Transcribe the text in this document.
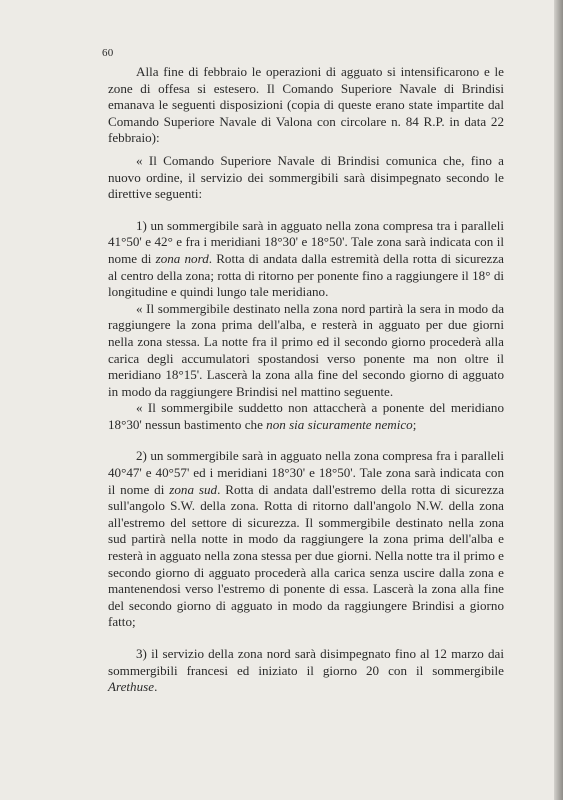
60

Alla fine di febbraio le operazioni di agguato si intensificarono e le zone di offesa si estesero. Il Comando Superiore Navale di Brindisi emanava le seguenti disposizioni (copia di queste erano state impartite dal Comando Superiore Navale di Valona con circolare n. 84 R.P. in data 22 febbraio):

« Il Comando Superiore Navale di Brindisi comunica che, fino a nuovo ordine, il servizio dei sommergibili sarà disimpegnato secondo le direttive seguenti:

1) un sommergibile sarà in agguato nella zona compresa tra i paralleli 41°50' e 42° e fra i meridiani 18°30' e 18°50'. Tale zona sarà indicata con il nome di zona nord. Rotta di andata dalla estremità della rotta di sicurezza al centro della zona; rotta di ritorno per ponente fino a raggiungere il 18° di longitudine e quindi lungo tale meridiano.

« Il sommergibile destinato nella zona nord partirà la sera in modo da raggiungere la zona prima dell'alba, e resterà in agguato per due giorni nella zona stessa. La notte fra il primo ed il secondo giorno procederà alla carica degli accumulatori spostandosi verso ponente ma non oltre il meridiano 18°15'. Lascerà la zona alla fine del secondo giorno di agguato in modo da raggiungere Brindisi nel mattino seguente.

« Il sommergibile suddetto non attaccherà a ponente del meridiano 18°30' nessun bastimento che non sia sicuramente nemico;

2) un sommergibile sarà in agguato nella zona compresa fra i paralleli 40°47' e 40°57' ed i meridiani 18°30' e 18°50'. Tale zona sarà indicata con il nome di zona sud. Rotta di andata dall'estremo della rotta di sicurezza sull'angolo S.W. della zona. Rotta di ritorno dall'angolo N.W. della zona all'estremo del settore di sicurezza. Il sommergibile destinato nella zona sud partirà nella notte in modo da raggiungere la zona prima dell'alba e resterà in agguato nella zona stessa per due giorni. Nella notte tra il primo e secondo giorno di agguato procederà alla carica senza uscire dalla zona e mantenendosi verso l'estremo di ponente di essa. Lascerà la zona alla fine del secondo giorno di agguato in modo da raggiungere Brindisi a giorno fatto;

3) il servizio della zona nord sarà disimpegnato fino al 12 marzo dai sommergibili francesi ed iniziato il giorno 20 con il sommergibile Arethuse.
